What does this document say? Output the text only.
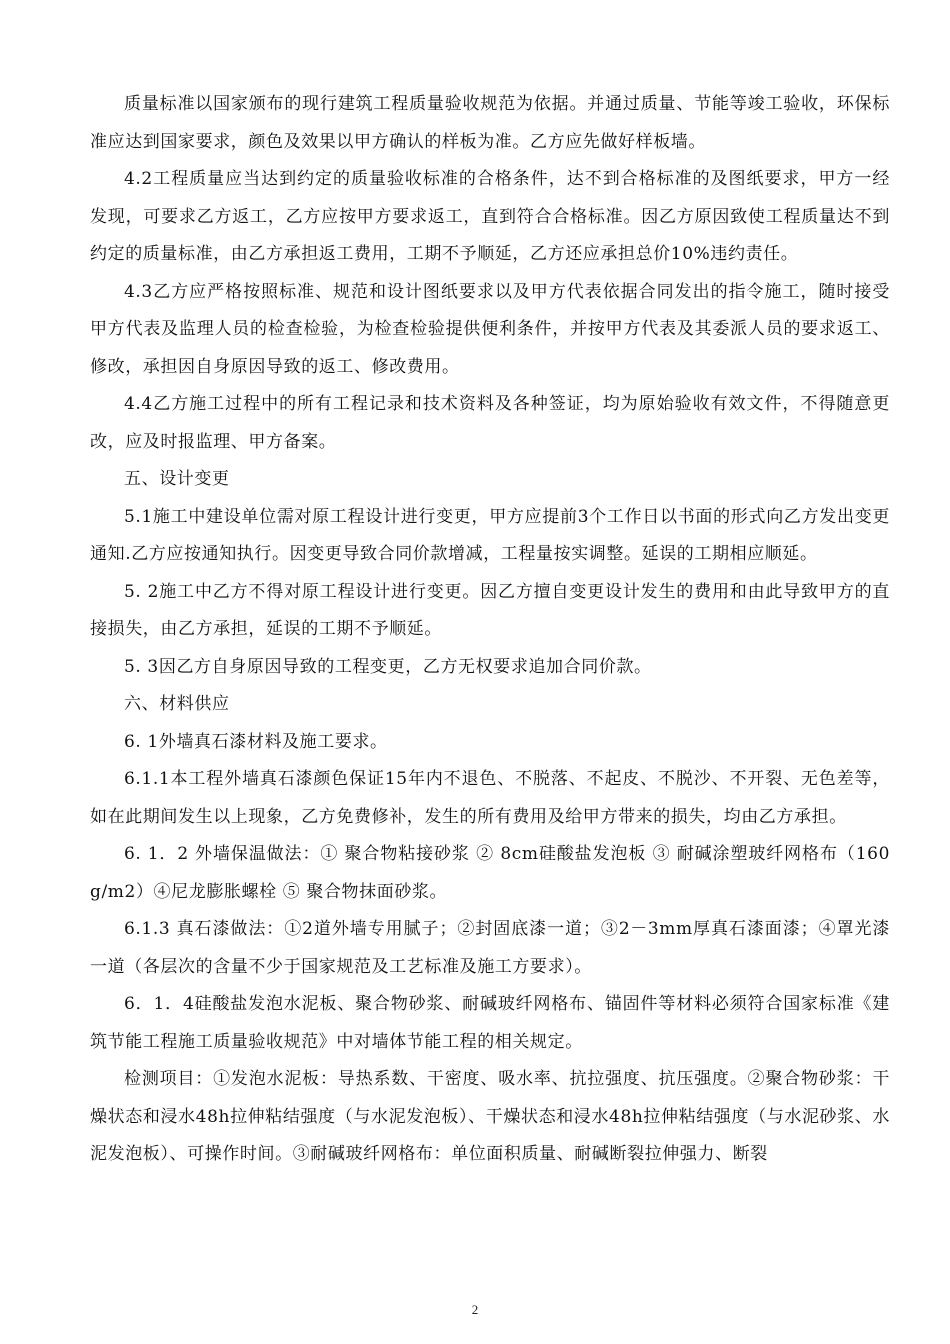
质量标准以国家颁布的现行建筑工程质量验收规范为依据。并通过质量、节能等竣工验收，环保标准应达到国家要求，颜色及效果以甲方确认的样板为准。乙方应先做好样板墙。

4.2工程质量应当达到约定的质量验收标准的合格条件，达不到合格标准的及图纸要求，甲方一经发现，可要求乙方返工，乙方应按甲方要求返工，直到符合合格标准。因乙方原因致使工程质量达不到约定的质量标准，由乙方承担返工费用，工期不予顺延，乙方还应承担总价10%违约责任。

4.3乙方应严格按照标准、规范和设计图纸要求以及甲方代表依据合同发出的指令施工，随时接受甲方代表及监理人员的检查检验，为检查检验提供便利条件，并按甲方代表及其委派人员的要求返工、修改，承担因自身原因导致的返工、修改费用。

4.4乙方施工过程中的所有工程记录和技术资料及各种签证，均为原始验收有效文件，不得随意更改，应及时报监理、甲方备案。

五、设计变更

5.1施工中建设单位需对原工程设计进行变更，甲方应提前3个工作日以书面的形式向乙方发出变更通知.乙方应按通知执行。因变更导致合同价款增减，工程量按实调整。延误的工期相应顺延。

5. 2施工中乙方不得对原工程设计进行变更。因乙方擅自变更设计发生的费用和由此导致甲方的直接损失，由乙方承担，延误的工期不予顺延。

5. 3因乙方自身原因导致的工程变更，乙方无权要求追加合同价款。

六、材料供应

6. 1外墙真石漆材料及施工要求。

6.1.1本工程外墙真石漆颜色保证15年内不退色、不脱落、不起皮、不脱沙、不开裂、无色差等，如在此期间发生以上现象，乙方免费修补，发生的所有费用及给甲方带来的损失，均由乙方承担。

6. 1．2 外墙保温做法：① 聚合物粘接砂浆 ② 8cm硅酸盐发泡板 ③ 耐碱涂塑玻纤网格布（160g/m2）④尼龙膨胀螺栓 ⑤ 聚合物抹面砂浆。

6.1.3 真石漆做法：①2道外墙专用腻子；②封固底漆一道；③2－3mm厚真石漆面漆；④罩光漆一道（各层次的含量不少于国家规范及工艺标准及施工方要求）。

6．1．4硅酸盐发泡水泥板、聚合物砂浆、耐碱玻纤网格布、锚固件等材料必须符合国家标准《建筑节能工程施工质量验收规范》中对墙体节能工程的相关规定。

检测项目：①发泡水泥板：导热系数、干密度、吸水率、抗拉强度、抗压强度。②聚合物砂浆：干燥状态和浸水48h拉伸粘结强度（与水泥发泡板）、干燥状态和浸水48h拉伸粘结强度（与水泥砂浆、水泥发泡板）、可操作时间。③耐碱玻纤网格布：单位面积质量、耐碱断裂拉伸强力、断裂

2
